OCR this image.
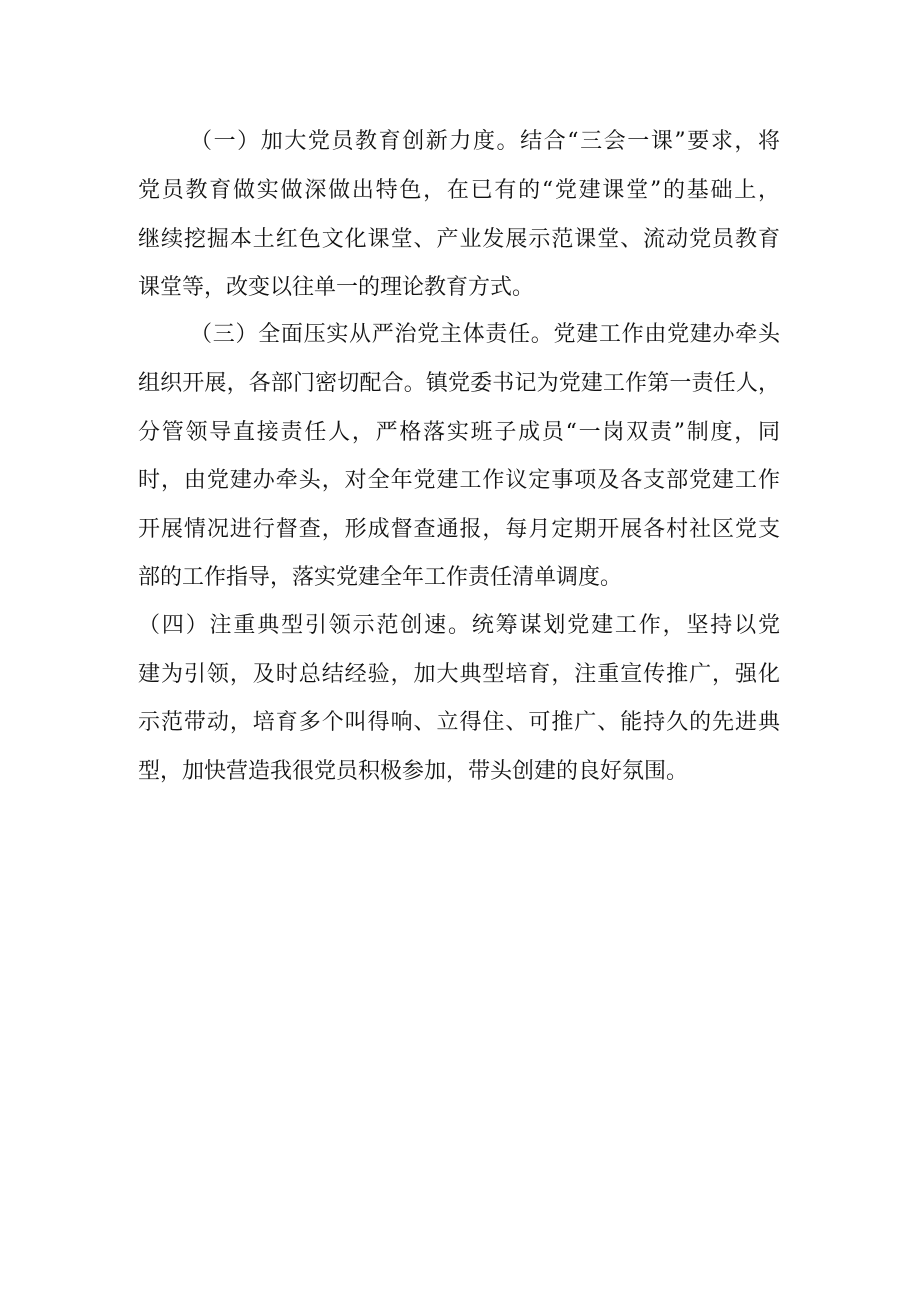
（一）加大党员教育创新力度。结合“三会一课”要求，将
党员教育做实做深做出特色，在已有的“党建课堂”的基础上，
继续挖掘本土红色文化课堂、产业发展示范课堂、流动党员教育
课堂等，改变以往单一的理论教育方式。
（三）全面压实从严治党主体责任。党建工作由党建办牵头
组织开展，各部门密切配合。镇党委书记为党建工作第一责任人，
分管领导直接责任人，严格落实班子成员“一岗双责”制度，同
时，由党建办牵头，对全年党建工作议定事项及各支部党建工作
开展情况进行督查，形成督查通报，每月定期开展各村社区党支
部的工作指导，落实党建全年工作责任清单调度。
（四）注重典型引领示范创速。统筹谋划党建工作，坚持以党
建为引领，及时总结经验，加大典型培育，注重宣传推广，强化
示范带动，培育多个叫得响、立得住、可推广、能持久的先进典
型，加快营造我很党员积极参加，带头创建的良好氛围。
